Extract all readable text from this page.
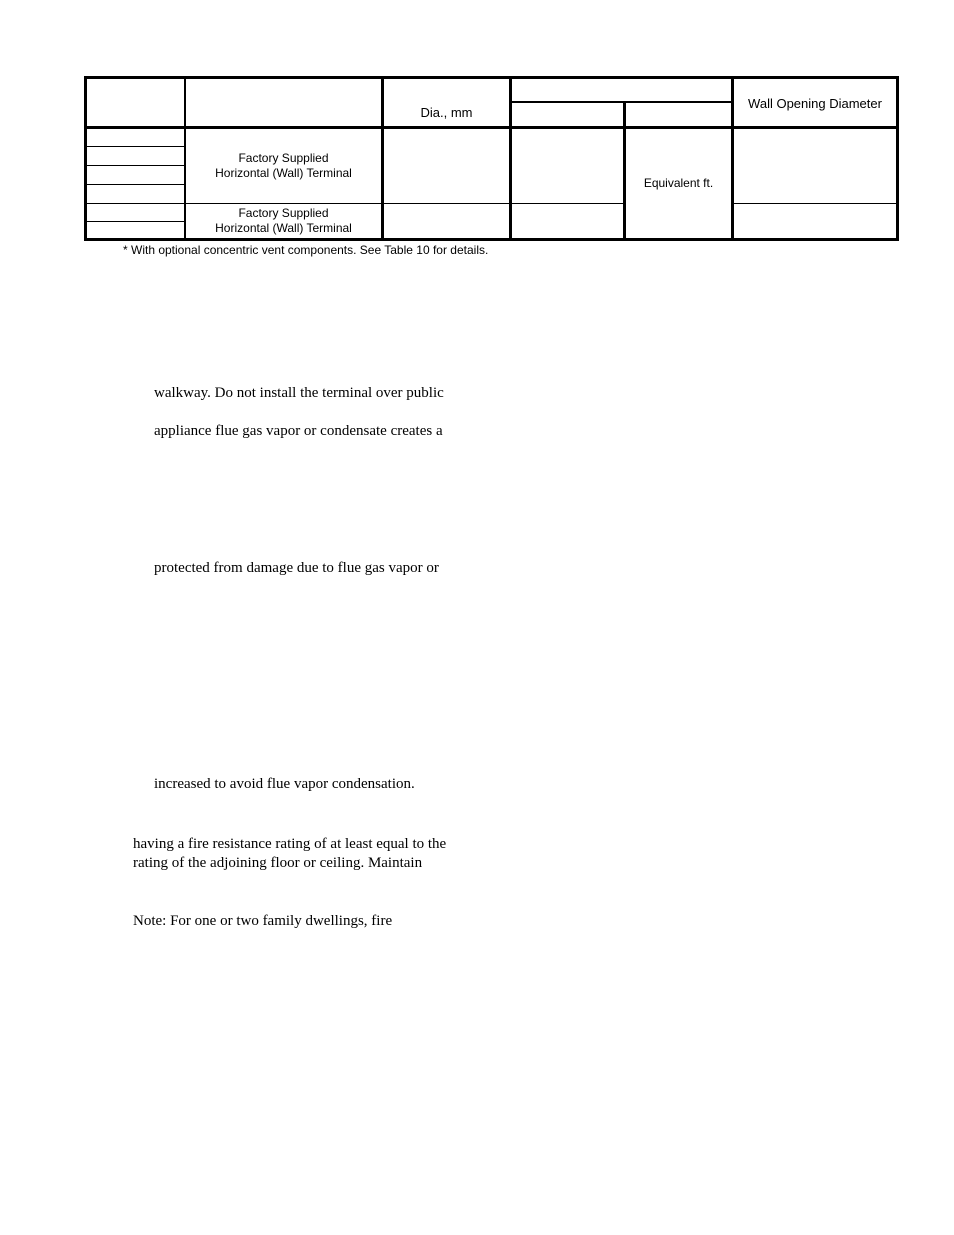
Dia., mm
Wall Opening Diameter
Factory Supplied
Horizontal (Wall) Terminal
Factory Supplied
Horizontal (Wall) Terminal
Equivalent ft.
* With optional concentric vent components. See Table 10 for details.
walkway. Do not install the terminal over public
appliance flue gas vapor or condensate creates a
protected from damage due to flue gas vapor or
increased to avoid flue vapor condensation.
having a fire resistance rating of at least equal to the
rating of the adjoining floor or ceiling. Maintain
Note: For one or two family dwellings, fire
